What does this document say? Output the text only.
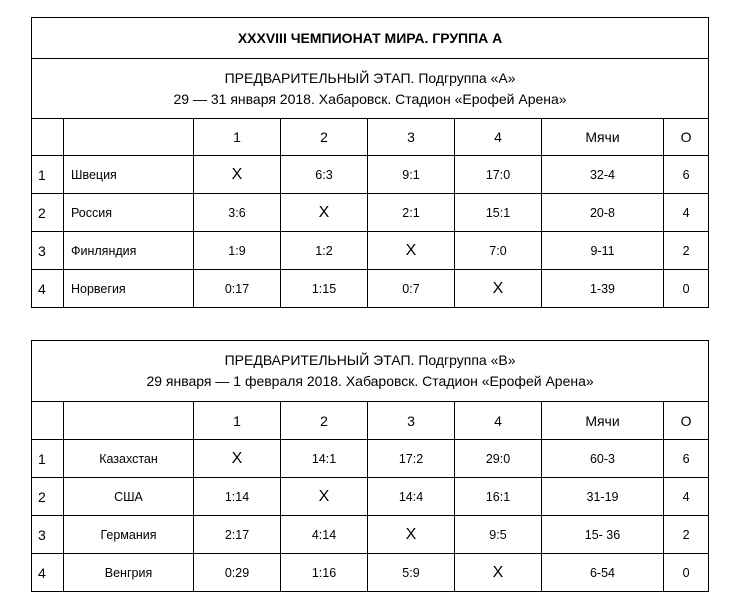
XXXVIII ЧЕМПИОНАТ МИРА. ГРУППА А							

ПРЕДВАРИТЕЛЬНЫЙ ЭТАП. Подгруппа «А»
29 — 31 января 2018. Хабаровск. Стадион «Ерофей Арена»							

		1	2	3	4	Мячи	О
1	Швеция	X	6:3	9:1	17:0	32-4	6
2	Россия	3:6	X	2:1	15:1	20-8	4
3	Финляндия	1:9	1:2	X	7:0	9-11	2
4	Норвегия	0:17	1:15	0:7	X	1-39	0
ПРЕДВАРИТЕЛЬНЫЙ ЭТАП. Подгруппа «В»
29 января — 1 февраля 2018. Хабаровск. Стадион «Ерофей Арена»							

		1	2	3	4	Мячи	О
1	Казахстан	X	14:1	17:2	29:0	60-3	6
2	США	1:14	X	14:4	16:1	31-19	4
3	Германия	2:17	4:14	X	9:5	15- 36	2
4	Венгрия	0:29	1:16	5:9	X	6-54	0
